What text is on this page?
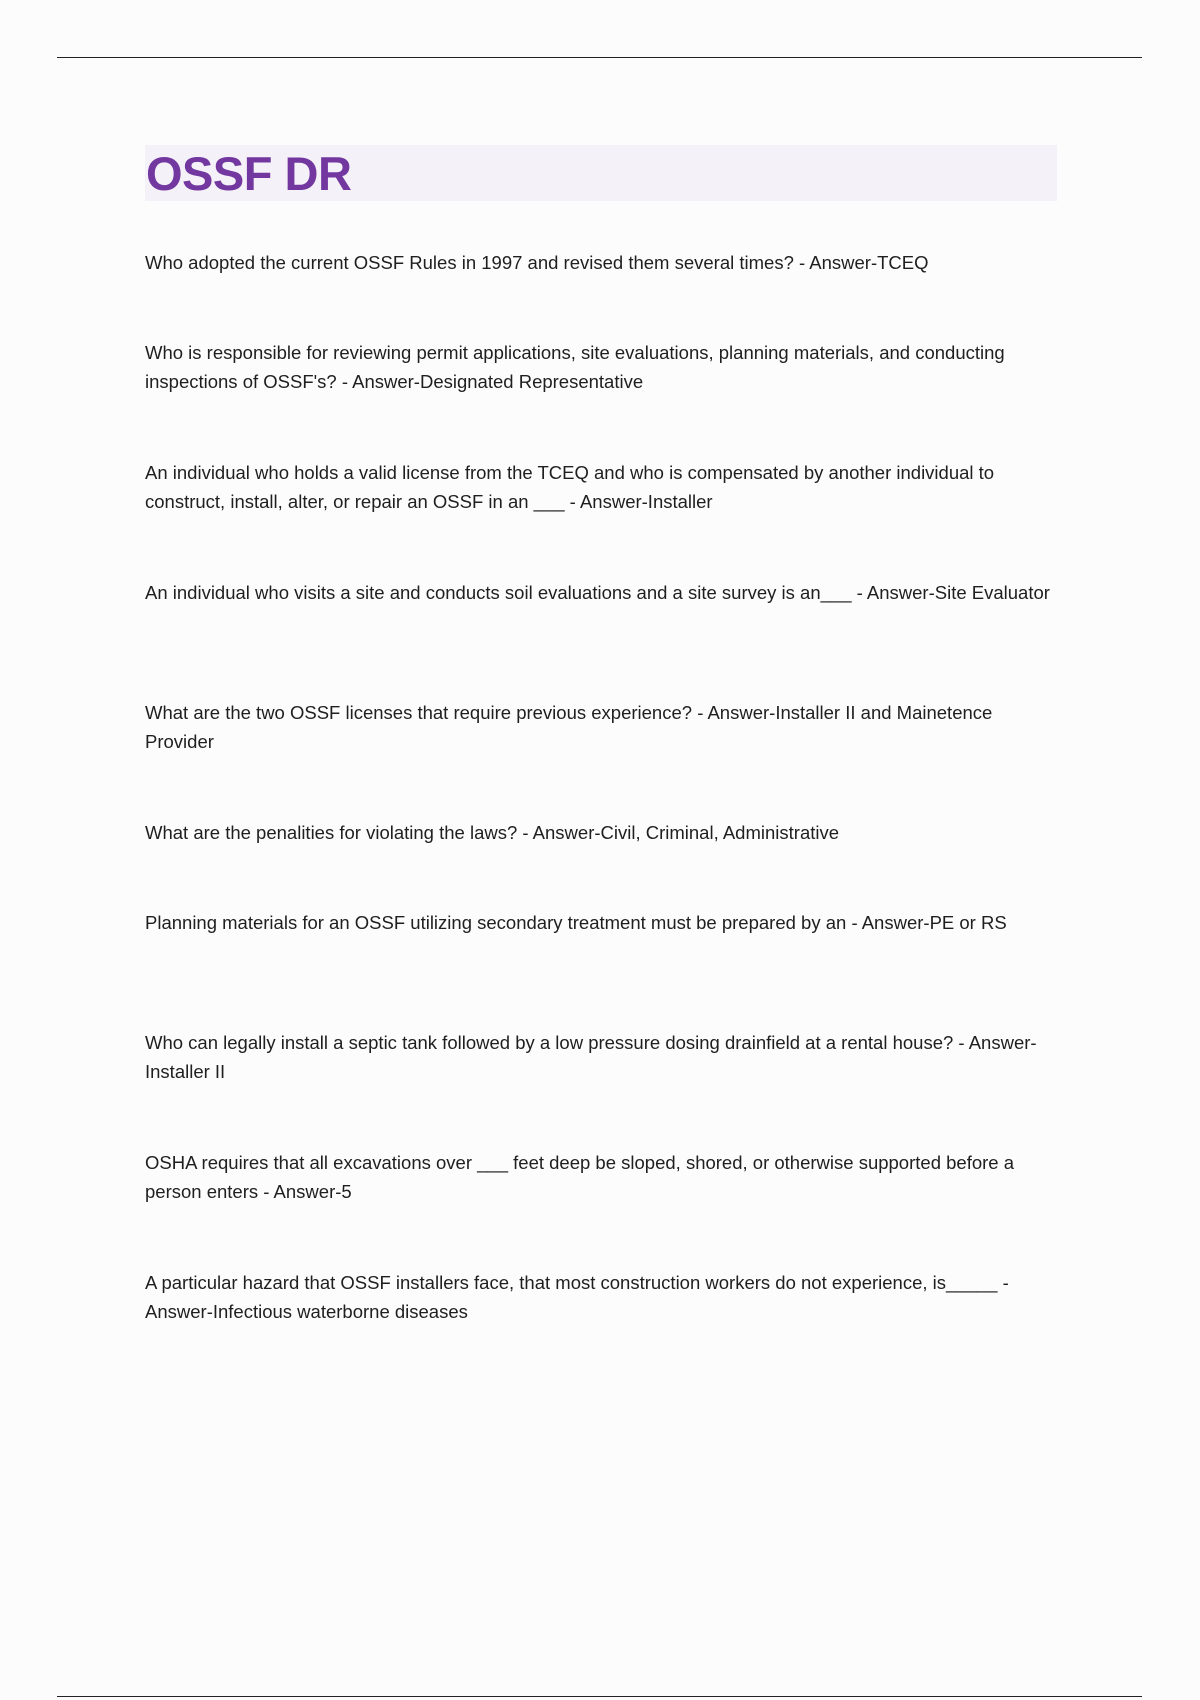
OSSF DR
Who adopted the current OSSF Rules in 1997 and revised them several times? - Answer-TCEQ
Who is responsible for reviewing permit applications, site evaluations, planning materials, and conducting inspections of OSSF's? - Answer-Designated Representative
An individual who holds a valid license from the TCEQ and who is compensated by another individual to construct, install, alter, or repair an OSSF in an ___ - Answer-Installer
An individual who visits a site and conducts soil evaluations and a site survey is an___ - Answer-Site Evaluator
What are the two OSSF licenses that require previous experience? - Answer-Installer II and Mainetence Provider
What are the penalities for violating the laws? - Answer-Civil, Criminal, Administrative
Planning materials for an OSSF utilizing secondary treatment must be prepared by an - Answer-PE or RS
Who can legally install a septic tank followed by a low pressure dosing drainfield at a rental house? - Answer-Installer II
OSHA requires that all excavations over ___ feet deep be sloped, shored, or otherwise supported before a person enters - Answer-5
A particular hazard that OSSF installers face, that most construction workers do not experience, is_____ - Answer-Infectious waterborne diseases
